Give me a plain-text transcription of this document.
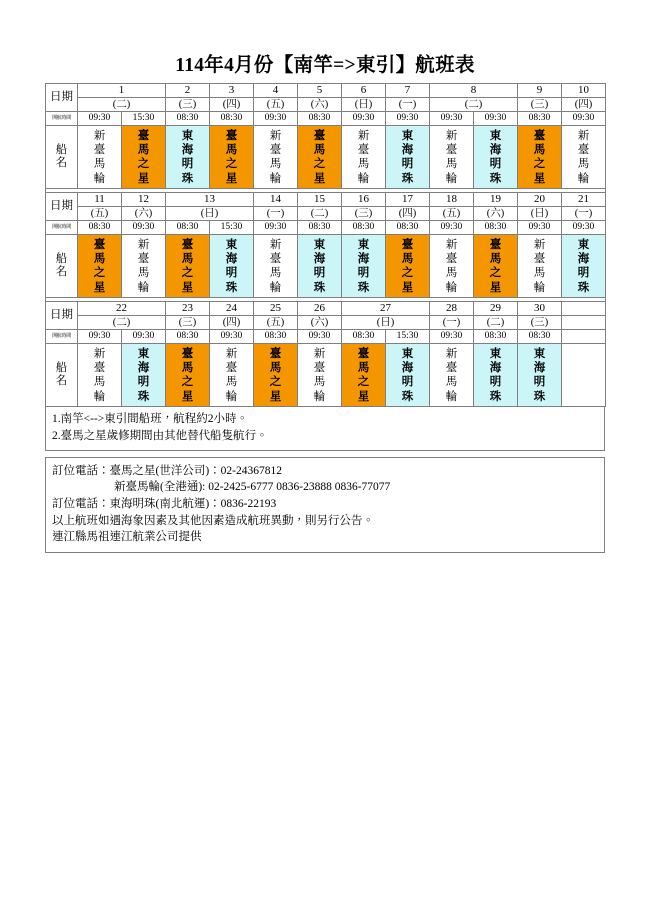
114年4月份【南竿=>東引】航班表
日期	1		2	3	4	5	6	7	8		9	10
	(二)		(三)	(四)	(五)	(六)	(日)	(一)	(二)		(三)	(四)
開航時間	09:30	15:30	08:30	08:30	09:30	08:30	09:30	09:30	09:30	09:30	08:30	09:30

船
名	新
臺
馬
輪	臺
馬
之
星	東
海
明
珠	臺
馬
之
星	新
臺
馬
輪	臺
馬
之
星	新
臺
馬
輪	東
海
明
珠	新
臺
馬
輪	東
海
明
珠	臺
馬
之
星	新
臺
馬
輪

日期	11	12	13		14	15	16	17	18	19	20	21
	(五)	(六)	(日)		(一)	(二)	(三)	(四)	(五)	(六)	(日)	(一)
開航時間	08:30	09:30	08:30	15:30	09:30	08:30	08:30	08:30	09:30	08:30	09:30	09:30

船
名	臺
馬
之
星	新
臺
馬
輪	臺
馬
之
星	東
海
明
珠	新
臺
馬
輪	東
海
明
珠	東
海
明
珠	臺
馬
之
星	新
臺
馬
輪	臺
馬
之
星	新
臺
馬
輪	東
海
明
珠

日期	22		23	24	25	26	27		28	29	30	
	(二)		(三)	(四)	(五)	(六)	(日)		(一)	(二)	(三)	
開航時間	09:30	09:30	08:30	09:30	08:30	09:30	08:30	15:30	09:30	08:30	08:30	

船
名	新
臺
馬
輪	東
海
明
珠	臺
馬
之
星	新
臺
馬
輪	臺
馬
之
星	新
臺
馬
輪	臺
馬
之
星	東
海
明
珠	新
臺
馬
輪	東
海
明
珠	東
海
明
珠	

1.南竿<-->東引間船班，航程約2小時。

2.臺馬之星歲修期間由其他替代船隻航行。

訂位電話：臺馬之星(世洋公司)：02-24367812

新臺馬輪(全港通): 02-2425-6777 0836-23888 0836-77077

訂位電話：東海明珠(南北航運)：0836-22193

以上航班如遇海象因素及其他因素造成航班異動，則另行公告。

連江縣馬祖連江航業公司提供
